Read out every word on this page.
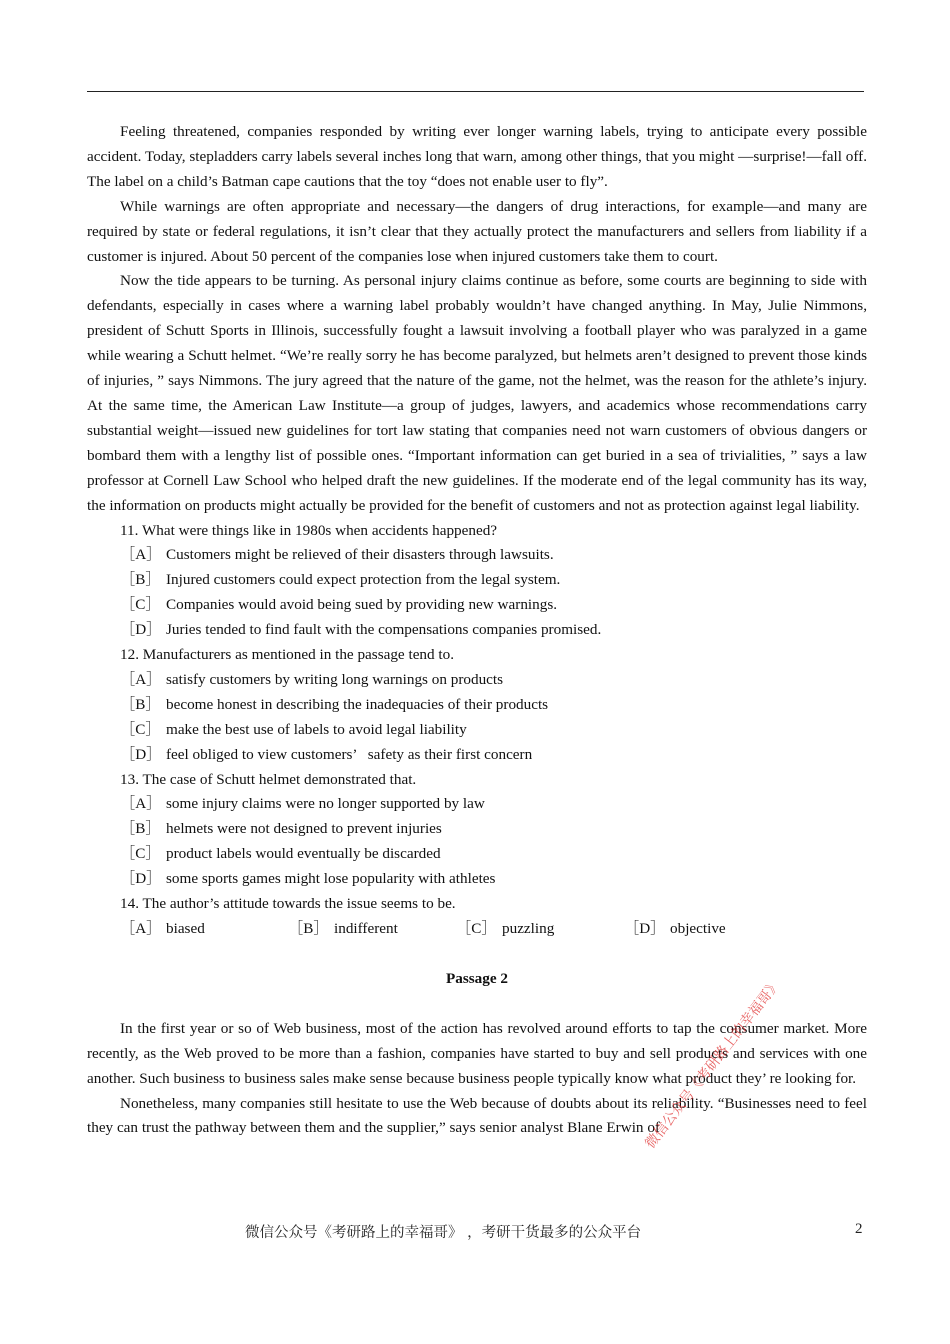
Feeling threatened, companies responded by writing ever longer warning labels, trying to anticipate every possible accident. Today, stepladders carry labels several inches long that warn, among other things, that you might —surprise!—fall off. The label on a child’s Batman cape cautions that the toy “does not enable user to fly”.

While warnings are often appropriate and necessary—the dangers of drug interactions, for example—and many are required by state or federal regulations, it isn’t clear that they actually protect the manufacturers and sellers from liability if a customer is injured. About 50 percent of the companies lose when injured customers take them to court.

Now the tide appears to be turning. As personal injury claims continue as before, some courts are beginning to side with defendants, especially in cases where a warning label probably wouldn’t have changed anything. In May, Julie Nimmons, president of Schutt Sports in Illinois, successfully fought a lawsuit involving a football player who was paralyzed in a game while wearing a Schutt helmet. “We’re really sorry he has become paralyzed, but helmets aren’t designed to prevent those kinds of injuries, ” says Nimmons. The jury agreed that the nature of the game, not the helmet, was the reason for the athlete’s injury. At the same time, the American Law Institute—a group of judges, lawyers, and academics whose recommendations carry substantial weight—issued new guidelines for tort law stating that companies need not warn customers of obvious dangers or bombard them with a lengthy list of possible ones. “Important information can get buried in a sea of trivialities, ” says a law professor at Cornell Law School who helped draft the new guidelines. If the moderate end of the legal community has its way, the information on products might actually be provided for the benefit of customers and not as protection against legal liability.

11. What were things like in 1980s when accidents happened?

［A］ Customers might be relieved of their disasters through lawsuits.

［B］ Injured customers could expect protection from the legal system.

［C］ Companies would avoid being sued by providing new warnings.

［D］ Juries tended to find fault with the compensations companies promised.

12. Manufacturers as mentioned in the passage tend to.

［A］ satisfy customers by writing long warnings on products

［B］ become honest in describing the inadequacies of their products

［C］ make the best use of labels to avoid legal liability

［D］ feel obliged to view customers’   safety as their first concern

13. The case of Schutt helmet demonstrated that.

［A］ some injury claims were no longer supported by law

［B］ helmets were not designed to prevent injuries

［C］ product labels would eventually be discarded

［D］ some sports games might lose popularity with athletes

14. The author’s attitude towards the issue seems to be.

［A］ biased	［B］ indifferent	［C］ puzzling	［D］ objective

Passage 2

In the first year or so of Web business, most of the action has revolved around efforts to tap the consumer market. More recently, as the Web proved to be more than a fashion, companies have started to buy and sell products and services with one another. Such business to business sales make sense because business people typically know what product they’ re looking for.

Nonetheless, many companies still hesitate to use the Web because of doubts about its reliability. “Businesses need to feel they can trust the pathway between them and the supplier,” says senior analyst Blane Erwin of

微信公众号《考研路上的幸福哥》 ，考研干货最多的公众平台	2
微信公众号《考研路上的幸福哥》
